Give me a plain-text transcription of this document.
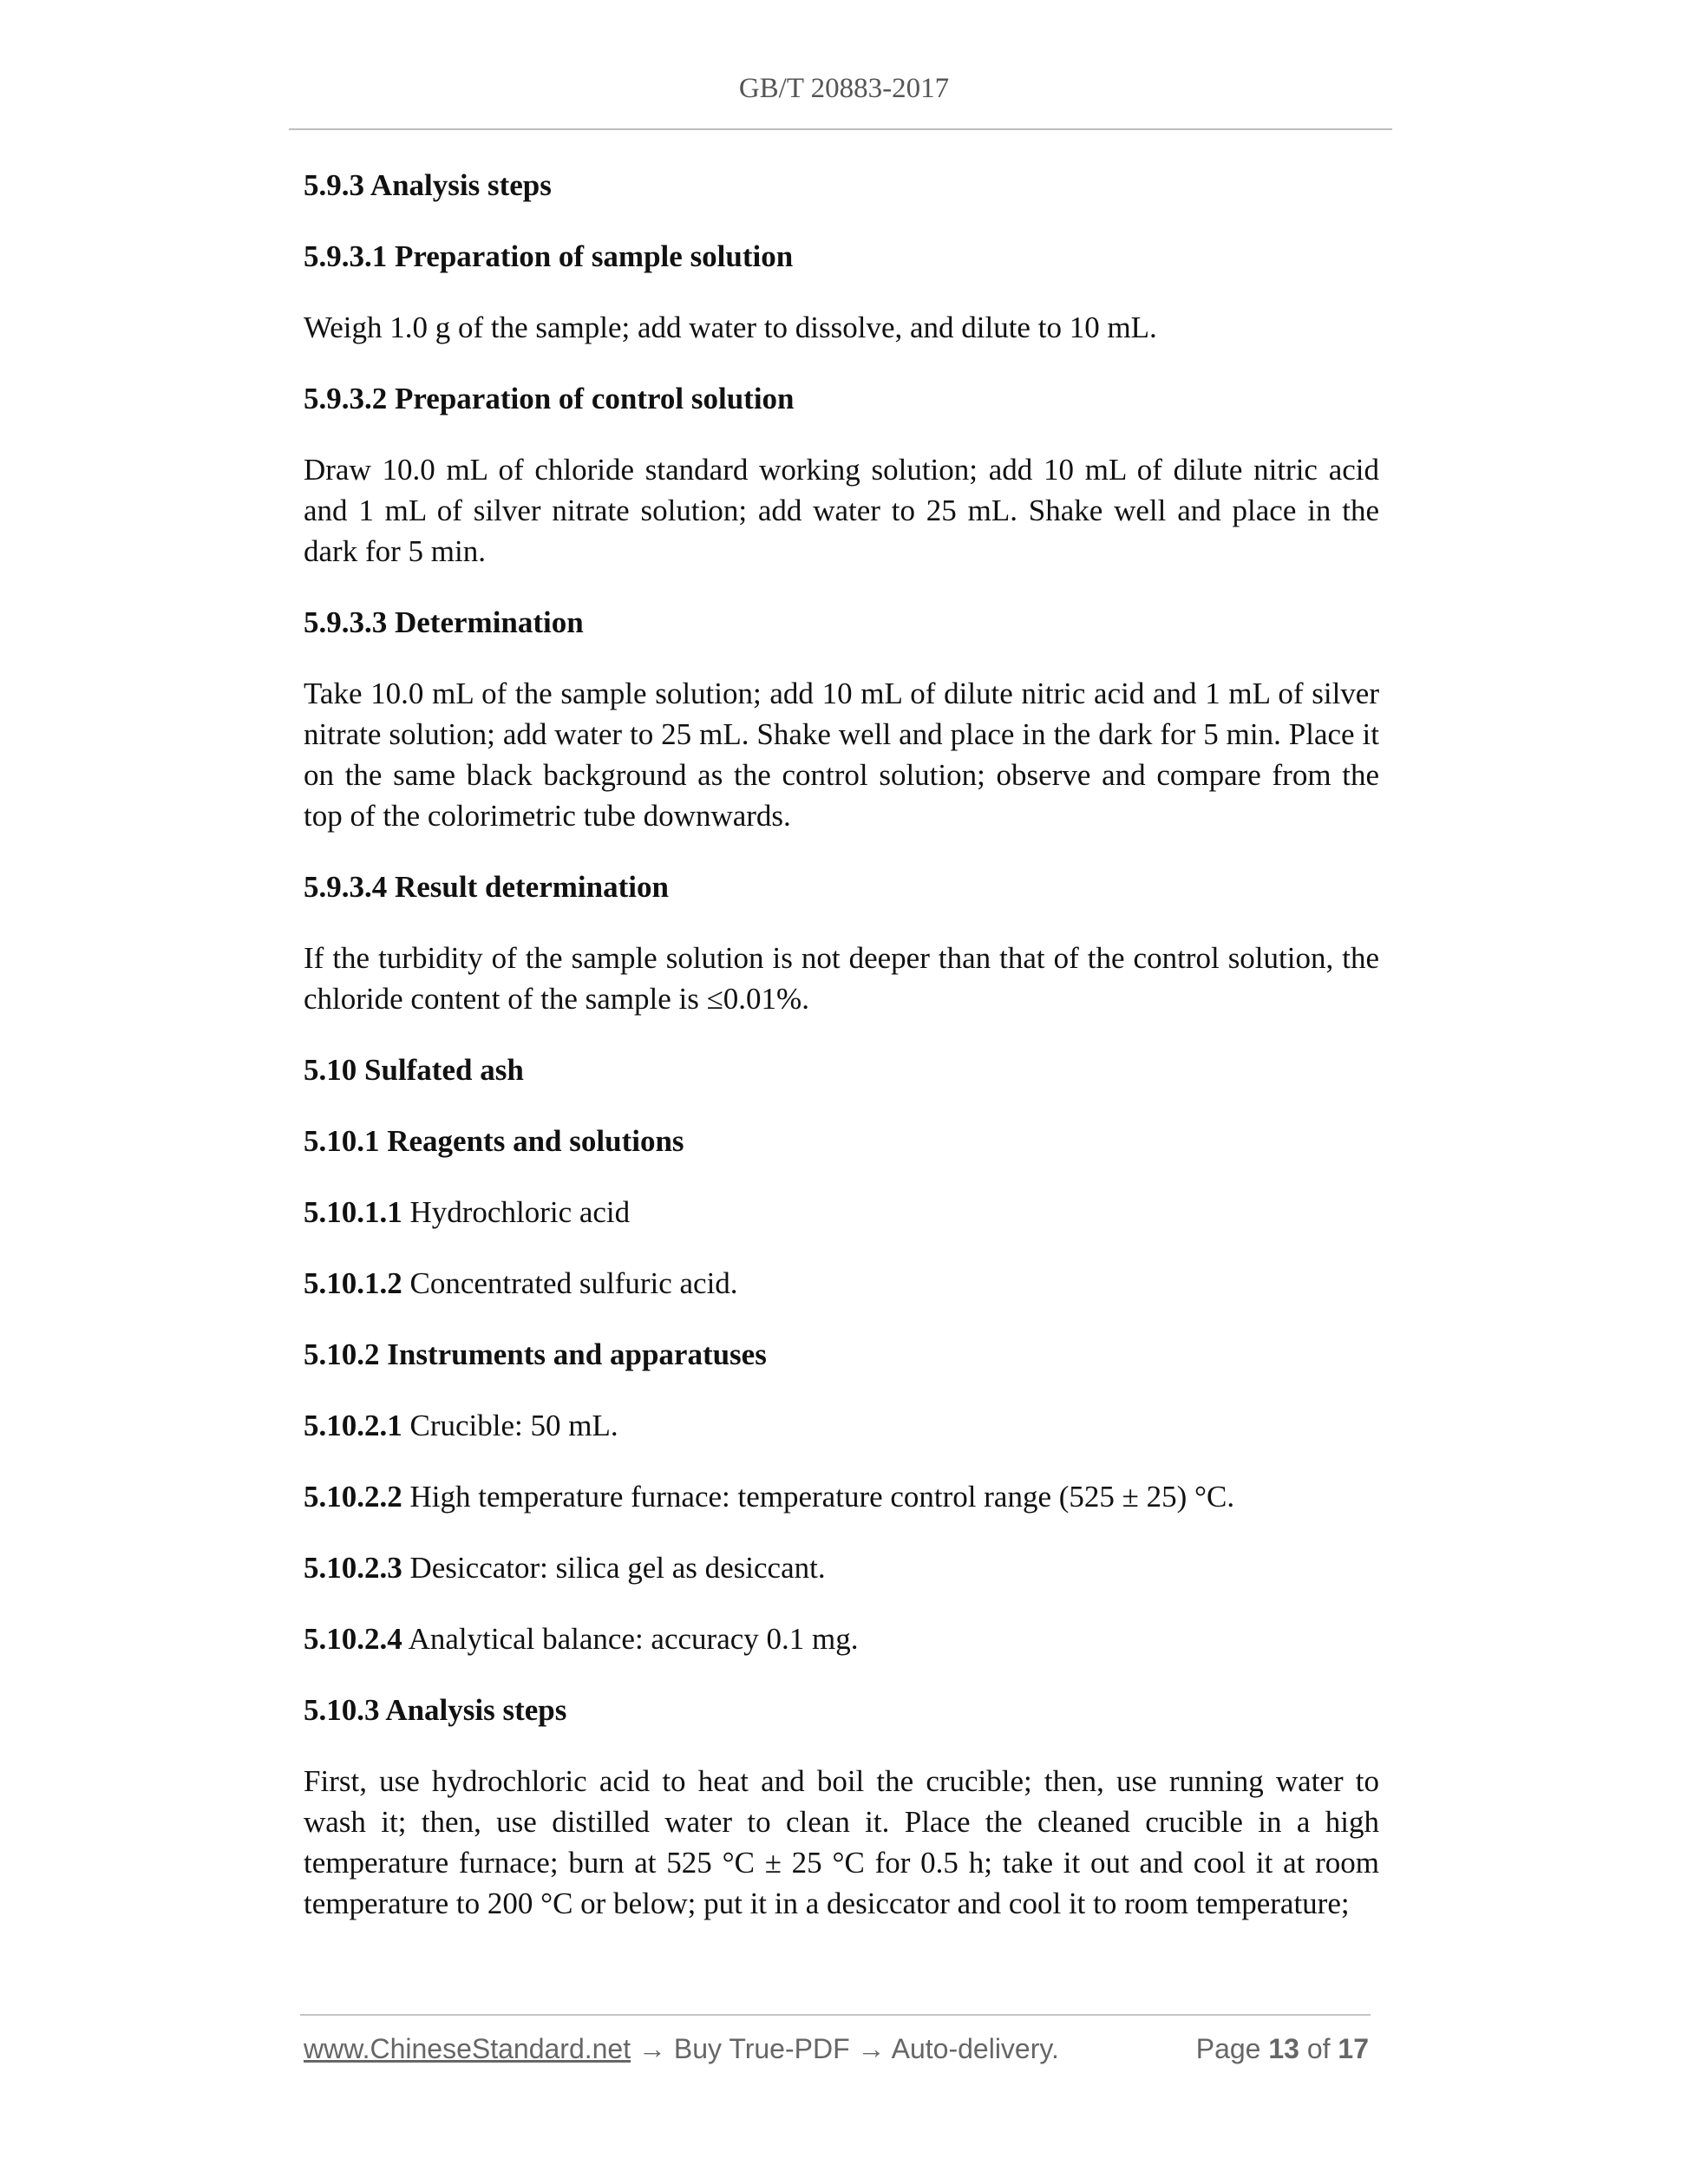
GB/T 20883-2017
5.9.3 Analysis steps
5.9.3.1 Preparation of sample solution
Weigh 1.0 g of the sample; add water to dissolve, and dilute to 10 mL.
5.9.3.2 Preparation of control solution
Draw 10.0 mL of chloride standard working solution; add 10 mL of dilute nitric acid and 1 mL of silver nitrate solution; add water to 25 mL. Shake well and place in the dark for 5 min.
5.9.3.3 Determination
Take 10.0 mL of the sample solution; add 10 mL of dilute nitric acid and 1 mL of silver nitrate solution; add water to 25 mL. Shake well and place in the dark for 5 min. Place it on the same black background as the control solution; observe and compare from the top of the colorimetric tube downwards.
5.9.3.4 Result determination
If the turbidity of the sample solution is not deeper than that of the control solution, the chloride content of the sample is ≤0.01%.
5.10 Sulfated ash
5.10.1 Reagents and solutions
5.10.1.1 Hydrochloric acid
5.10.1.2 Concentrated sulfuric acid.
5.10.2 Instruments and apparatuses
5.10.2.1 Crucible: 50 mL.
5.10.2.2 High temperature furnace: temperature control range (525 ± 25) °C.
5.10.2.3 Desiccator: silica gel as desiccant.
5.10.2.4 Analytical balance: accuracy 0.1 mg.
5.10.3 Analysis steps
First, use hydrochloric acid to heat and boil the crucible; then, use running water to wash it; then, use distilled water to clean it. Place the cleaned crucible in a high temperature furnace; burn at 525 °C ± 25 °C for 0.5 h; take it out and cool it at room temperature to 200 °C or below; put it in a desiccator and cool it to room temperature;
www.ChineseStandard.net → Buy True-PDF → Auto-delivery.	Page 13 of 17
